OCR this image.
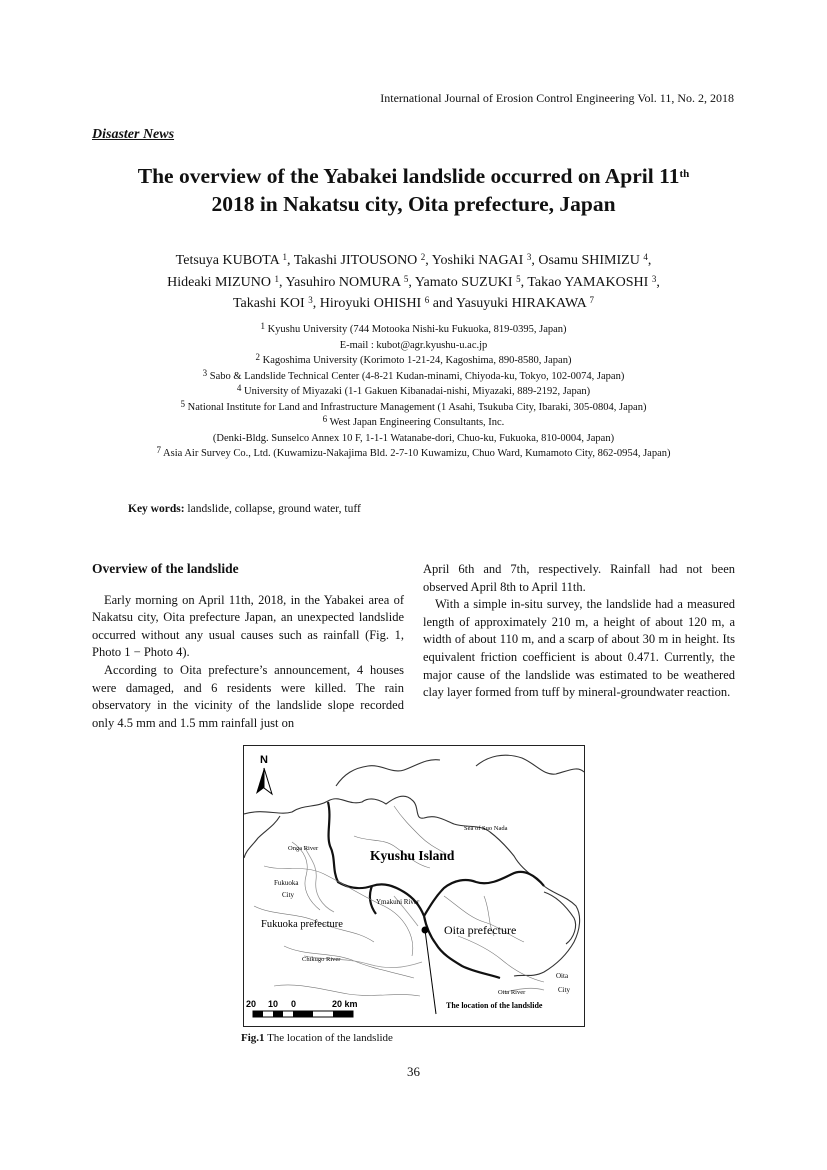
International Journal of Erosion Control Engineering Vol. 11, No. 2, 2018
Disaster News
The overview of the Yabakei landslide occurred on April 11th
2018 in Nakatsu city, Oita prefecture, Japan
Tetsuya KUBOTA $^1$, Takashi JITOUSONO $^2$, Yoshiki NAGAI $^3$, Osamu SHIMIZU $^4$,
Hideaki MIZUNO $^1$, Yasuhiro NOMURA $^5$, Yamato SUZUKI $^5$, Takao YAMAKOSHI $^3$,
Takashi KOI $^3$, Hiroyuki OHISHI $^6$ and Yasuyuki HIRAKAWA $^7$
$^1$ Kyushu University (744 Motooka Nishi-ku Fukuoka, 819-0395, Japan)
E-mail : kubot@agr.kyushu-u.ac.jp
$^2$ Kagoshima University (Korimoto 1-21-24, Kagoshima, 890-8580, Japan)
$^3$ Sabo & Landslide Technical Center (4-8-21 Kudan-minami, Chiyoda-ku, Tokyo, 102-0074, Japan)
$^4$ University of Miyazaki (1-1 Gakuen Kibanadai-nishi, Miyazaki, 889-2192, Japan)
$^5$ National Institute for Land and Infrastructure Management (1 Asahi, Tsukuba City, Ibaraki, 305-0804, Japan)
$^6$ West Japan Engineering Consultants, Inc.
(Denki-Bldg. Sunselco Annex 10 F, 1-1-1 Watanabe-dori, Chuo-ku, Fukuoka, 810-0004, Japan)
$^7$ Asia Air Survey Co., Ltd. (Kuwamizu-Nakajima Bld. 2-7-10 Kuwamizu, Chuo Ward, Kumamoto City, 862-0954, Japan)
Key words: landslide, collapse, ground water, tuff

Overview of the landslide

Early morning on April 11th, 2018, in the Yabakei area of Nakatsu city, Oita prefecture Japan, an unexpected landslide occurred without any usual causes such as rainfall (Fig. 1, Photo 1 − Photo 4).

According to Oita prefecture’s announcement, 4 houses were damaged, and 6 residents were killed. The rain observatory in the vicinity of the landslide slope recorded only 4.5 mm and 1.5 mm rainfall just on

April 6th and 7th, respectively. Rainfall had not been observed April 8th to April 11th.

With a simple in-situ survey, the landslide had a measured length of approximately 210 m, a height of about 120 m, a width of about 110 m, and a scarp of about 30 m in height. Its equivalent friction coefficient is about 0.471. Currently, the major cause of the landslide was estimated to be weathered clay layer formed from tuff by mineral-groundwater reaction.

N
Sea of Suo Nada
Kyushu Island
Onga River
Fukuoka
City
Ymakuni River
Fukuoka prefecture	Oita prefecture
Chikugo River
Oita River
Oita
City
The location of the landslide
20 10 0	20 km
Fig.1 The location of the landslide
36
